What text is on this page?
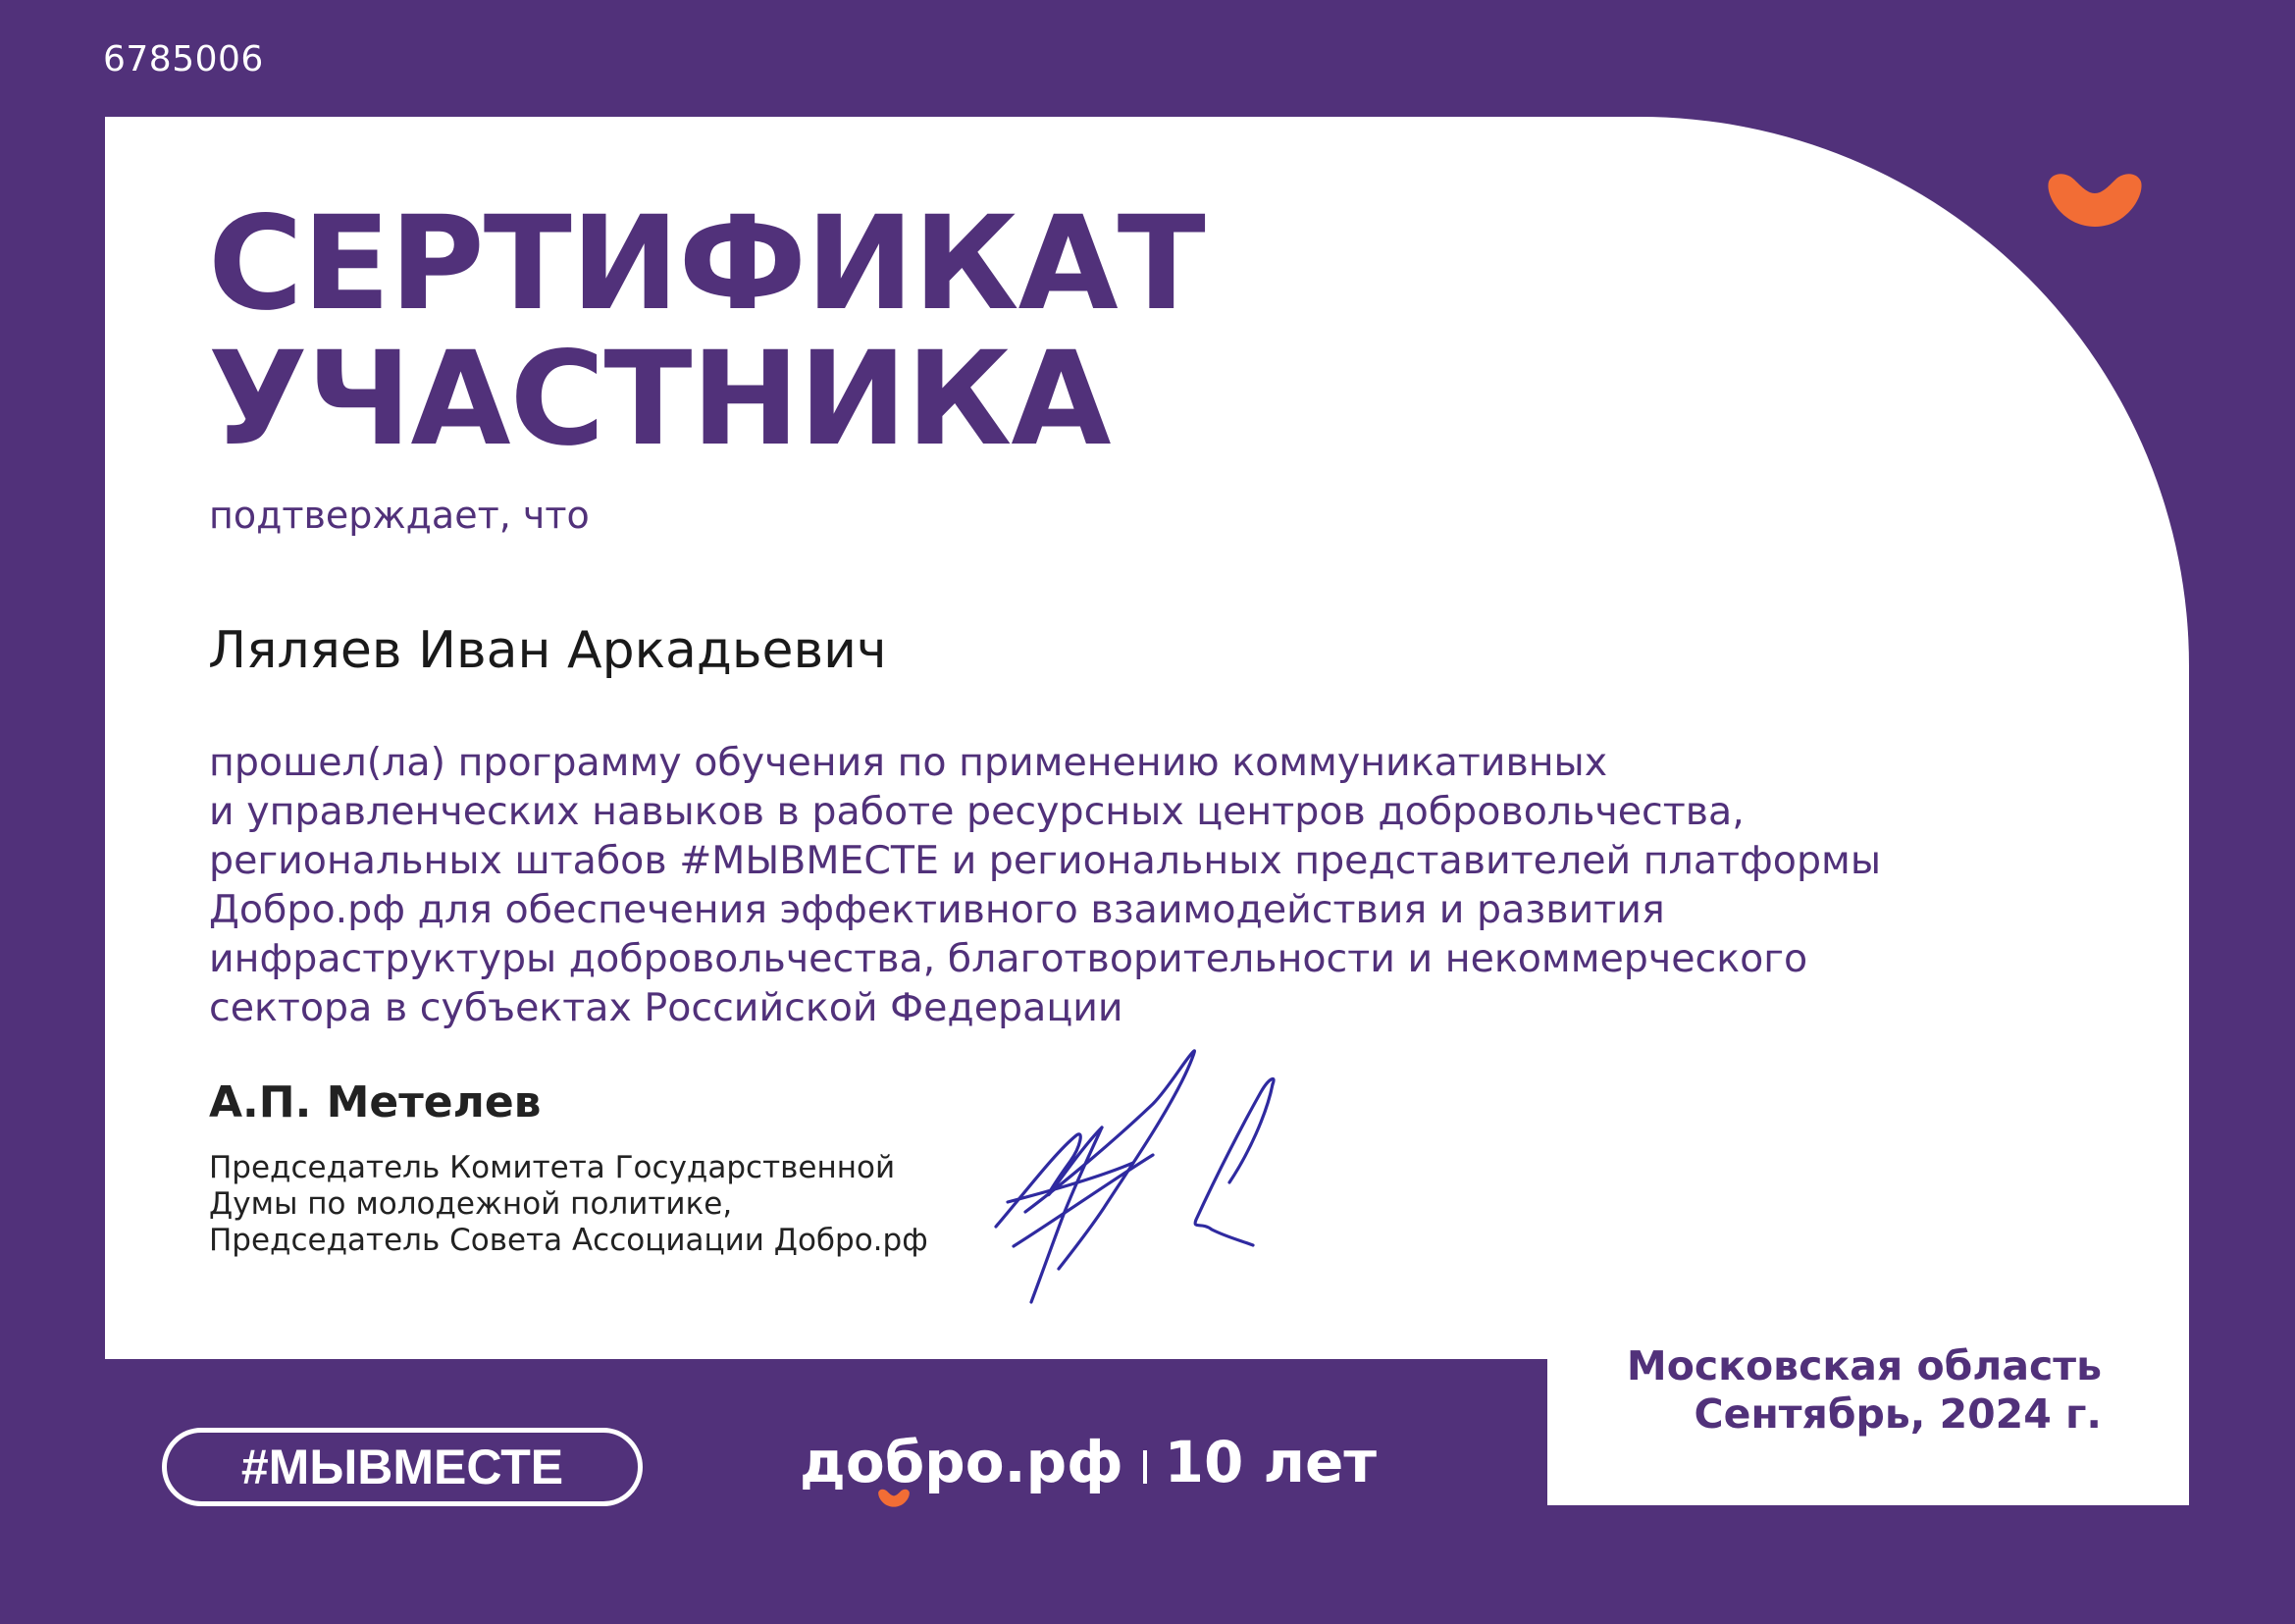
6785006
СЕРТИФИКАТ
УЧАСТНИКА
подтверждает, что
Ляляев Иван Аркадьевич
прошел(ла) программу обучения по применению коммуникативных
и управленческих навыков в работе ресурсных центров добровольчества,
региональных штабов #МЫВМЕСТЕ и региональных представителей платформы
Добро.рф для обеспечения эффективного взаимодействия и развития
инфраструктуры добровольчества, благотворительности и некоммерческого
сектора в субъектах Российской Федерации
А.П. Метелев
Председатель Комитета Государственной
Думы по молодежной политике,
Председатель Совета Ассоциации Добро.рф
Московская область
Сентябрь, 2024 г.
#МЫВМЕСТЕ	добро.рф 10 лет
